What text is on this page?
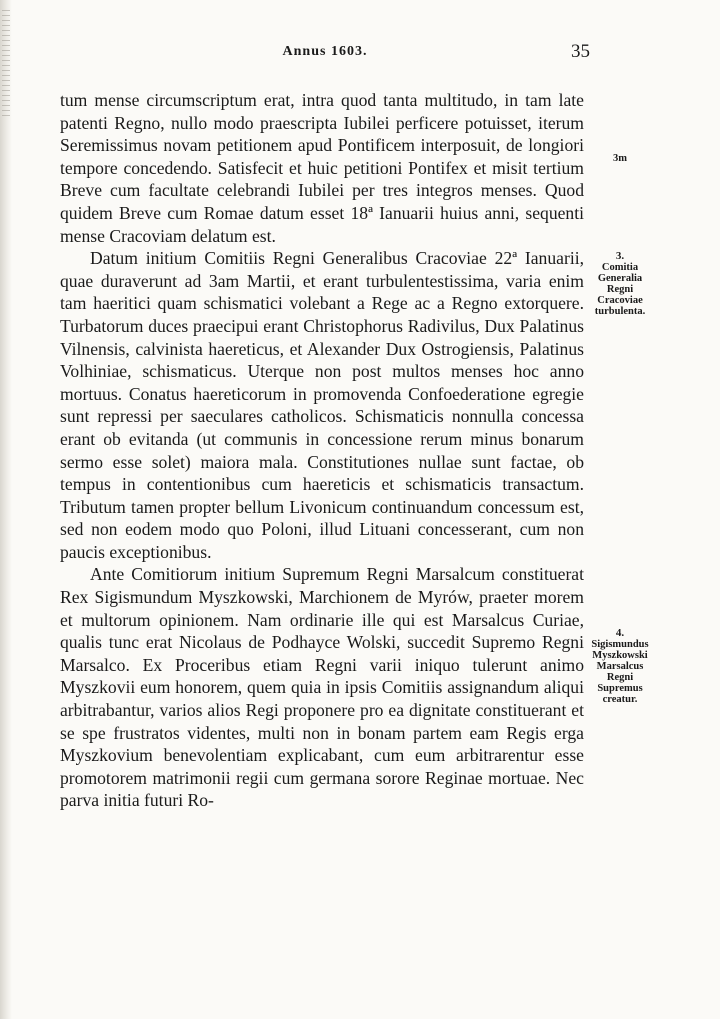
Annus 1603.	35

tum mense circumscriptum erat, intra quod tanta multitudo, in tam late patenti Regno, nullo modo praescripta Iubilei perficere potuisset, iterum Seremissimus novam petitionem apud Pontificem interposuit, de longiori tempore concedendo. Satisfecit et huic petitioni Pontifex et misit tertium Breve cum facultate celebrandi Iubilei per tres integros menses. Quod quidem Breve cum Romae datum esset 18ª Ianuarii huius anni, sequenti mense Cracoviam delatum est.

Datum initium Comitiis Regni Generalibus Cracoviae 22ª Ianuarii, quae duraverunt ad 3am Martii, et erant turbulentestissima, varia enim tam haeritici quam schismatici volebant a Rege ac a Regno extorquere. Turbatorum duces praecipui erant Christophorus Radivilus, Dux Palatinus Vilnensis, calvinista haereticus, et Alexander Dux Ostrogiensis, Palatinus Volhiniae, schismaticus. Uterque non post multos menses hoc anno mortuus. Conatus haereticorum in promovenda Confoederatione egregie sunt repressi per saeculares catholicos. Schismaticis nonnulla concessa erant ob evitanda (ut communis in concessione rerum minus bonarum sermo esse solet) maiora mala. Constitutiones nullae sunt factae, ob tempus in contentionibus cum haereticis et schismaticis transactum. Tributum tamen propter bellum Livonicum continuandum concessum est, sed non eodem modo quo Poloni, illud Lituani concesserant, cum non paucis exceptionibus.

Ante Comitiorum initium Supremum Regni Marsalcum constituerat Rex Sigismundum Myszkowski, Marchionem de Myrów, praeter morem et multorum opinionem. Nam ordinarie ille qui est Marsalcus Curiae, qualis tunc erat Nicolaus de Podhayce Wolski, succedit Supremo Regni Marsalco. Ex Proceribus etiam Regni varii iniquo tulerunt animo Myszkovii eum honorem, quem quia in ipsis Comitiis assignandum aliqui arbitrabantur, varios alios Regi proponere pro ea dignitate constituerant et se spe frustratos videntes, multi non in bonam partem eam Regis erga Myszkovium benevolentiam explicabant, cum eum arbitrarentur esse promotorem matrimonii regii cum germana sorore Reginae mortuae. Nec parva initia futuri Ro-

3m
3.
Comitia Generalia Regni Cracoviae turbulenta.
4.
Sigismundus Myszkowski Marsalcus Regni Supremus creatur.
